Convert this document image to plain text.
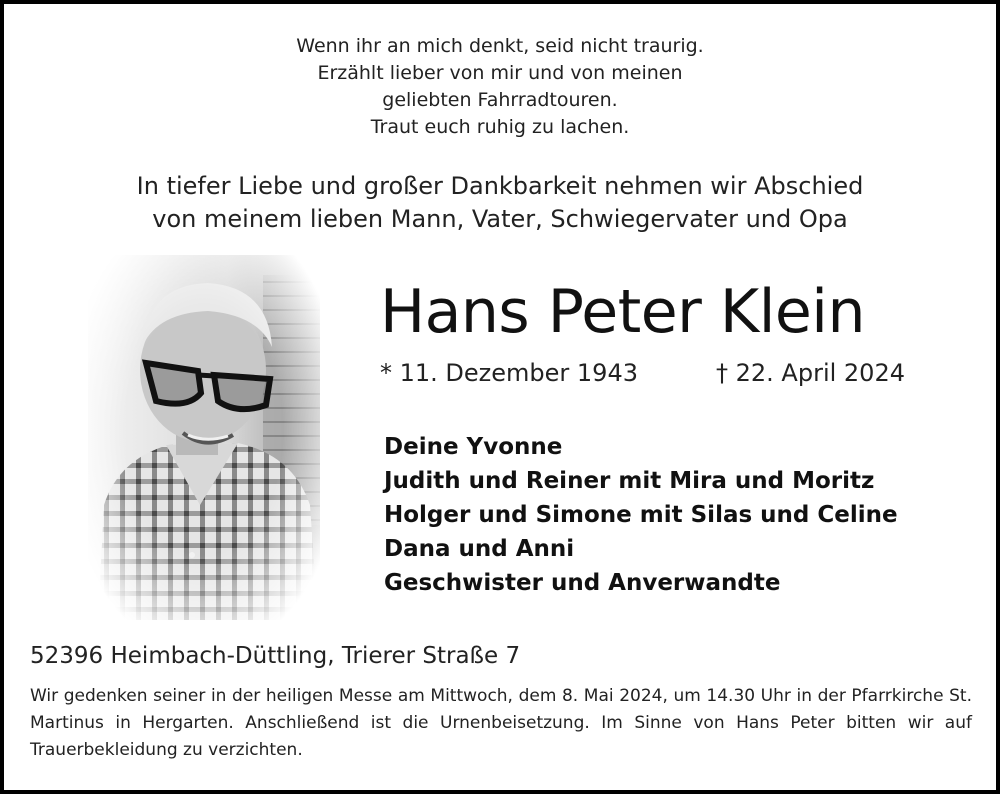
Wenn ihr an mich denkt, seid nicht traurig.
Erzählt lieber von mir und von meinen
geliebten Fahrradtouren.
Traut euch ruhig zu lachen.
In tiefer Liebe und großer Dankbarkeit nehmen wir Abschied
von meinem lieben Mann, Vater, Schwiegervater und Opa
Hans Peter Klein
* 11. Dezember 1943	† 22. April 2024
Deine Yvonne
Judith und Reiner mit Mira und Moritz
Holger und Simone mit Silas und Celine
Dana und Anni
Geschwister und Anverwandte
52396 Heimbach-Düttling, Trierer Straße 7
Wir gedenken seiner in der heiligen Messe am Mittwoch, dem 8. Mai 2024, um 14.30 Uhr in der Pfarrkirche St. Martinus in Hergarten. Anschließend ist die Urnenbeisetzung. Im Sinne von Hans Peter bitten wir auf Trauerbekleidung zu verzichten.
